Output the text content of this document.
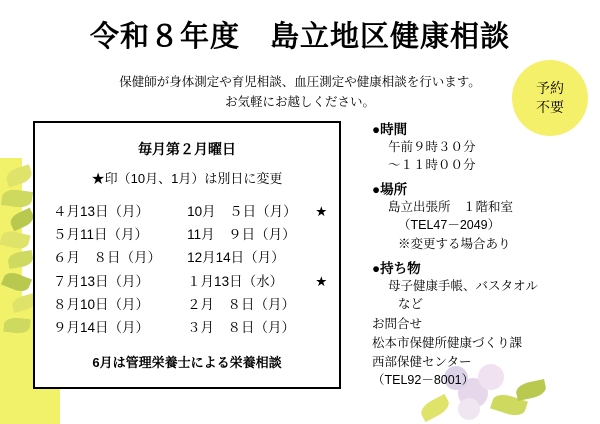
令和８年度　島立地区健康相談
保健師が身体測定や育児相談、血圧測定や健康相談を行います。
お気軽にお越しください。
予約
不要
毎月第２月曜日
★印（10月、1月）は別日に変更
４月13日（月）	10月　５日（月）	★
５月11日（月）	11月　９日（月）
６月　８日（月）	12月14日（月）
７月13日（月）	１月13日（水）	★
８月10日（月）	２月　８日（月）
９月14日（月）	３月　８日（月）
6月は管理栄養士による栄養相談
●時間
午前９時３０分
～１１時００分
●場所
島立出張所　１階和室
（TEL47－2049）
※変更する場合あり
●持ち物
母子健康手帳、バスタオル
など
お問合せ
松本市保健所健康づくり課
西部保健センター
（TEL92－8001）
